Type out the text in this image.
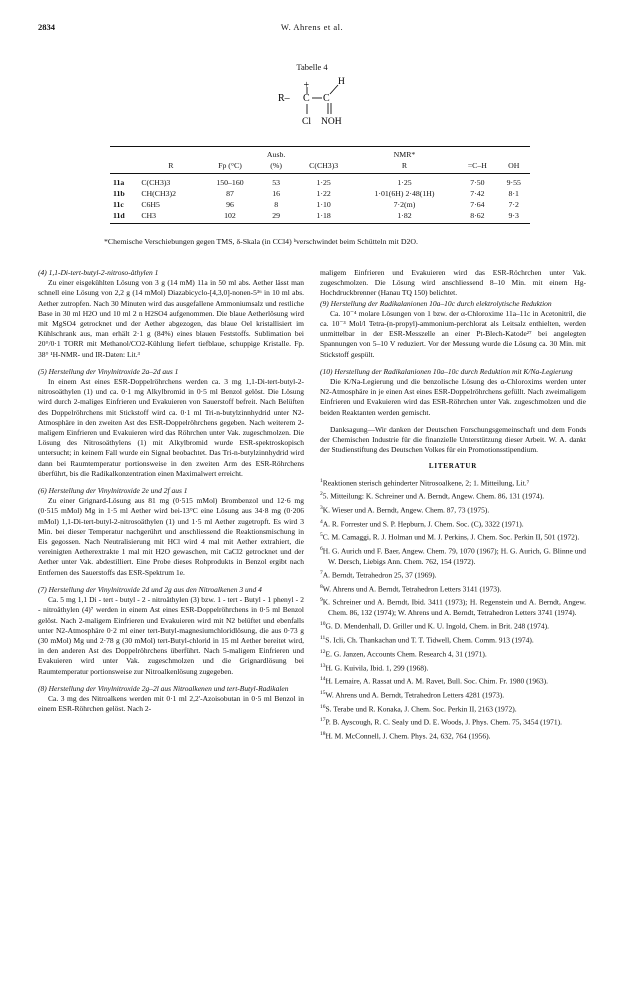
2834	W. Ahrens et al.
Tabelle 4
R– C
+
Cl
C
H
NOH
			Ausb.		NMR*		
	R	Fp (°C)	(%)	C(CH3)3	R	=C–H	OH
11a	C(CH3)3	150–160	53	1·25	1·25	7·50	9·55
11b	CH(CH3)2	87	16	1·22	1·01(6H) 2·48(1H)	7·42	8·1
11c	C6H5	96	8	1·10	7·2(m)	7·64	7·2
11d	CH3	102	29	1·18	1·82	8·62	9·3
*Chemische Verschiebungen gegen TMS, δ-Skala (in CCl4) ᵇverschwindet beim Schütteln mit D2O.

(4) 1,1-Di-tert-butyl-2-nitroso-äthylen 1

Zu einer eisgekühlten Lösung von 3 g (14 mM) 11a in 50 ml abs. Aether lässt man schnell eine Lösung von 2,2 g (14 mMol) Diazabicyclo-[4,3,0]-nonen-5³⁶ in 10 ml abs. Aether zutropfen. Nach 30 Minuten wird das ausgefallene Ammoniumsalz und restliche Base in 30 ml H2O und 10 ml 2 n H2SO4 aufgenommen. Die blaue Aetherlösung wird mit MgSO4 getrocknet und der Aether abgezogen, das blaue Oel kristallisiert im Kühlschrank aus, man erhält 2·1 g (84%) eines blauen Feststoffs. Sublimation bei 20°/0·1 TORR mit Methanol/CO2-Kühlung liefert tiefblaue, schuppige Kristalle. Fp. 38° ¹H-NMR- und IR-Daten: Lit.³

(5) Herstellung der Vinylnitroxide 2a–2d aus 1

In einem Ast eines ESR-Doppelröhrchens werden ca. 3 mg 1,1-Di-tert-butyl-2-nitrosoäthylen (1) und ca. 0·1 mg Alkylbromid in 0·5 ml Benzol gelöst. Die Lösung wird durch 2-maliges Einfrieren und Evakuieren von Sauerstoff befreit. Nach Belüften des Doppelröhrchens mit Stickstoff wird ca. 0·1 ml Tri-n-butylzinnhydrid unter N2-Atmosphäre in den zweiten Ast des ESR-Doppelröhrchens gegeben. Nach weiterem 2-maligem Einfrieren und Evakuieren wird das Röhrchen unter Vak. zugeschmolzen. Die Lösung des Nitrosoäthylens (1) mit Alkylbromid wurde ESR-spektroskopisch untersucht; in keinem Fall wurde ein Signal beobachtet. Das Tri-n-butylzinnhydrid wird dann bei Raumtemperatur portionsweise in den zweiten Arm des ESR-Röhrchens überführt, bis die Radikalkonzentration einen Maximalwert erreicht.

(6) Herstellung der Vinylnitroxide 2e und 2f aus 1

Zu einer Grignard-Lösung aus 81 mg (0·515 mMol) Brombenzol und 12·6 mg (0·515 mMol) Mg in 1·5 ml Aether wird bei-13°C eine Lösung aus 34·8 mg (0·206 mMol) 1,1-Di-tert-butyl-2-nitrosoäthylen (1) und 1·5 ml Aether zugetropft. Es wird 3 Min. bei dieser Temperatur nachgerührt und anschliessend die Reaktionsmischung in Eis gegossen. Nach Neutralisierung mit HCl wird 4 mal mit Aether extrahiert, die vereinigten Aetherextrakte 1 mal mit H2O gewaschen, mit CaCl2 getrocknet und der Aether unter Vak. abdestilliert. Eine Probe dieses Rohprodukts in Benzol ergibt nach Entfernen des Sauerstoffs das ESR-Spektrum 1e.

(7) Herstellung der Vinylnitroxide 2d und 2g aus den Nitroalkenen 3 und 4

Ca. 5 mg 1,1 Di - tert - butyl - 2 - nitroäthylen (3) bzw. 1 - tert - Butyl - 1 phenyl - 2 - nitroäthylen (4)⁷ werden in einem Ast eines ESR-Doppelröhrchens in 0·5 ml Benzol gelöst. Nach 2-maligem Einfrieren und Evakuieren wird mit N2 belüftet und ebenfalls unter N2-Atmosphäre 0·2 ml einer tert-Butyl-magnesiumchloridlösung, die aus 0·73 g (30 mMol) Mg und 2·78 g (30 mMol) tert-Butyl-chlorid in 15 ml Aether bereitet wird, in den anderen Ast des Doppelröhrchens überführt. Nach 5-maligem Einfrieren und Evakuieren wird unter Vak. zugeschmolzen und die Grignardlösung bei Raumtemperatur portionsweise zur Nitroalkenlösung zugegeben.

(8) Herstellung der Vinylnitroxide 2g–2l aus Nitroalkenen und tert-Butyl-Radikalen

Ca. 3 mg des Nitroalkens werden mit 0·1 ml 2,2'-Azoisobutan in 0·5 ml Benzol in einem ESR-Röhrchen gelöst. Nach 2-

maligem Einfrieren und Evakuieren wird das ESR-Röchrchen unter Vak. zugeschmolzen. Die Lösung wird anschliessend 8–10 Min. mit einem Hg-Hochdruckbrenner (Hanau TQ 150) belichtet.

(9) Herstellung der Radikalanionen 10a–10c durch elektrolytische Reduktion

Ca. 10⁻⁴ molare Lösungen von 1 bzw. der α-Chloroxime 11a–11c in Acetonitril, die ca. 10⁻³ Mol/l Tetra-(n-propyl)-ammonium-perchlorat als Leitsalz enthielten, werden unmittelbar in der ESR-Messzelle an einer Pt-Blech-Katode²⁷ bei angelegten Spannungen von 5–10 V reduziert. Vor der Messung wurde die Lösung ca. 30 Min. mit Stickstoff gespült.

(10) Herstellung der Radikalanionen 10a–10c durch Reduktion mit K/Na-Legierung

Die K/Na-Legierung und die benzolische Lösung des α-Chloroxims werden unter N2-Atmosphäre in je einen Ast eines ESR-Doppelröhrchens gefüllt. Nach zweimaligem Einfrieren und Evakuieren wird das ESR-Röhrchen unter Vak. zugeschmolzen und die beiden Reaktanten werden gemischt.

Danksagung—Wir danken der Deutschen Forschungsgemeinschaft und dem Fonds der Chemischen Industrie für die finanzielle Unterstützung dieser Arbeit. W. A. dankt der Studienstiftung des Deutschen Volkes für ein Promotionsstipendium.

LITERATUR

$^1$Reaktionen sterisch gehinderter Nitrosoalkene, 2; 1. Mitteilung, Lit.⁷

$^2$5. Mitteilung: K. Schreiner und A. Berndt, Angew. Chem. 86, 131 (1974).

$^3$K. Wieser und A. Berndt, Angew. Chem. 87, 73 (1975).

$^4$A. R. Forrester und S. P. Hepburn, J. Chem. Soc. (C), 3322 (1971).

$^5$C. M. Camaggi, R. J. Holman und M. J. Perkins, J. Chem. Soc. Perkin II, 501 (1972).

$^6$H. G. Aurich und F. Baer, Angew. Chem. 79, 1070 (1967); H. G. Aurich, G. Blinne und W. Dersch, Liebigs Ann. Chem. 762, 154 (1972).

$^7$A. Berndt, Tetrahedron 25, 37 (1969).

$^8$W. Ahrens und A. Berndt, Tetrahedron Letters 3141 (1973).

$^9$K. Schreiner und A. Berndt, Ibid. 3411 (1973); H. Regenstein und A. Berndt, Angew. Chem. 86, 132 (1974); W. Ahrens und A. Berndt, Tetrahedron Letters 3741 (1974).

$^{10}$G. D. Mendenhall, D. Griller und K. U. Ingold, Chem. in Brit. 248 (1974).

$^{11}$S. Icli, Ch. Thankachan und T. T. Tidwell, Chem. Comm. 913 (1974).

$^{12}$E. G. Janzen, Accounts Chem. Research 4, 31 (1971).

$^{13}$H. G. Kuivila, Ibid. 1, 299 (1968).

$^{14}$H. Lemaire, A. Rassat und A. M. Ravet, Bull. Soc. Chim. Fr. 1980 (1963).

$^{15}$W. Ahrens und A. Berndt, Tetrahedron Letters 4281 (1973).

$^{16}$S. Terabe und R. Konaka, J. Chem. Soc. Perkin II, 2163 (1972).

$^{17}$P. B. Ayscough, R. C. Sealy und D. E. Woods, J. Phys. Chem. 75, 3454 (1971).

$^{18}$H. M. McConnell, J. Chem. Phys. 24, 632, 764 (1956).
